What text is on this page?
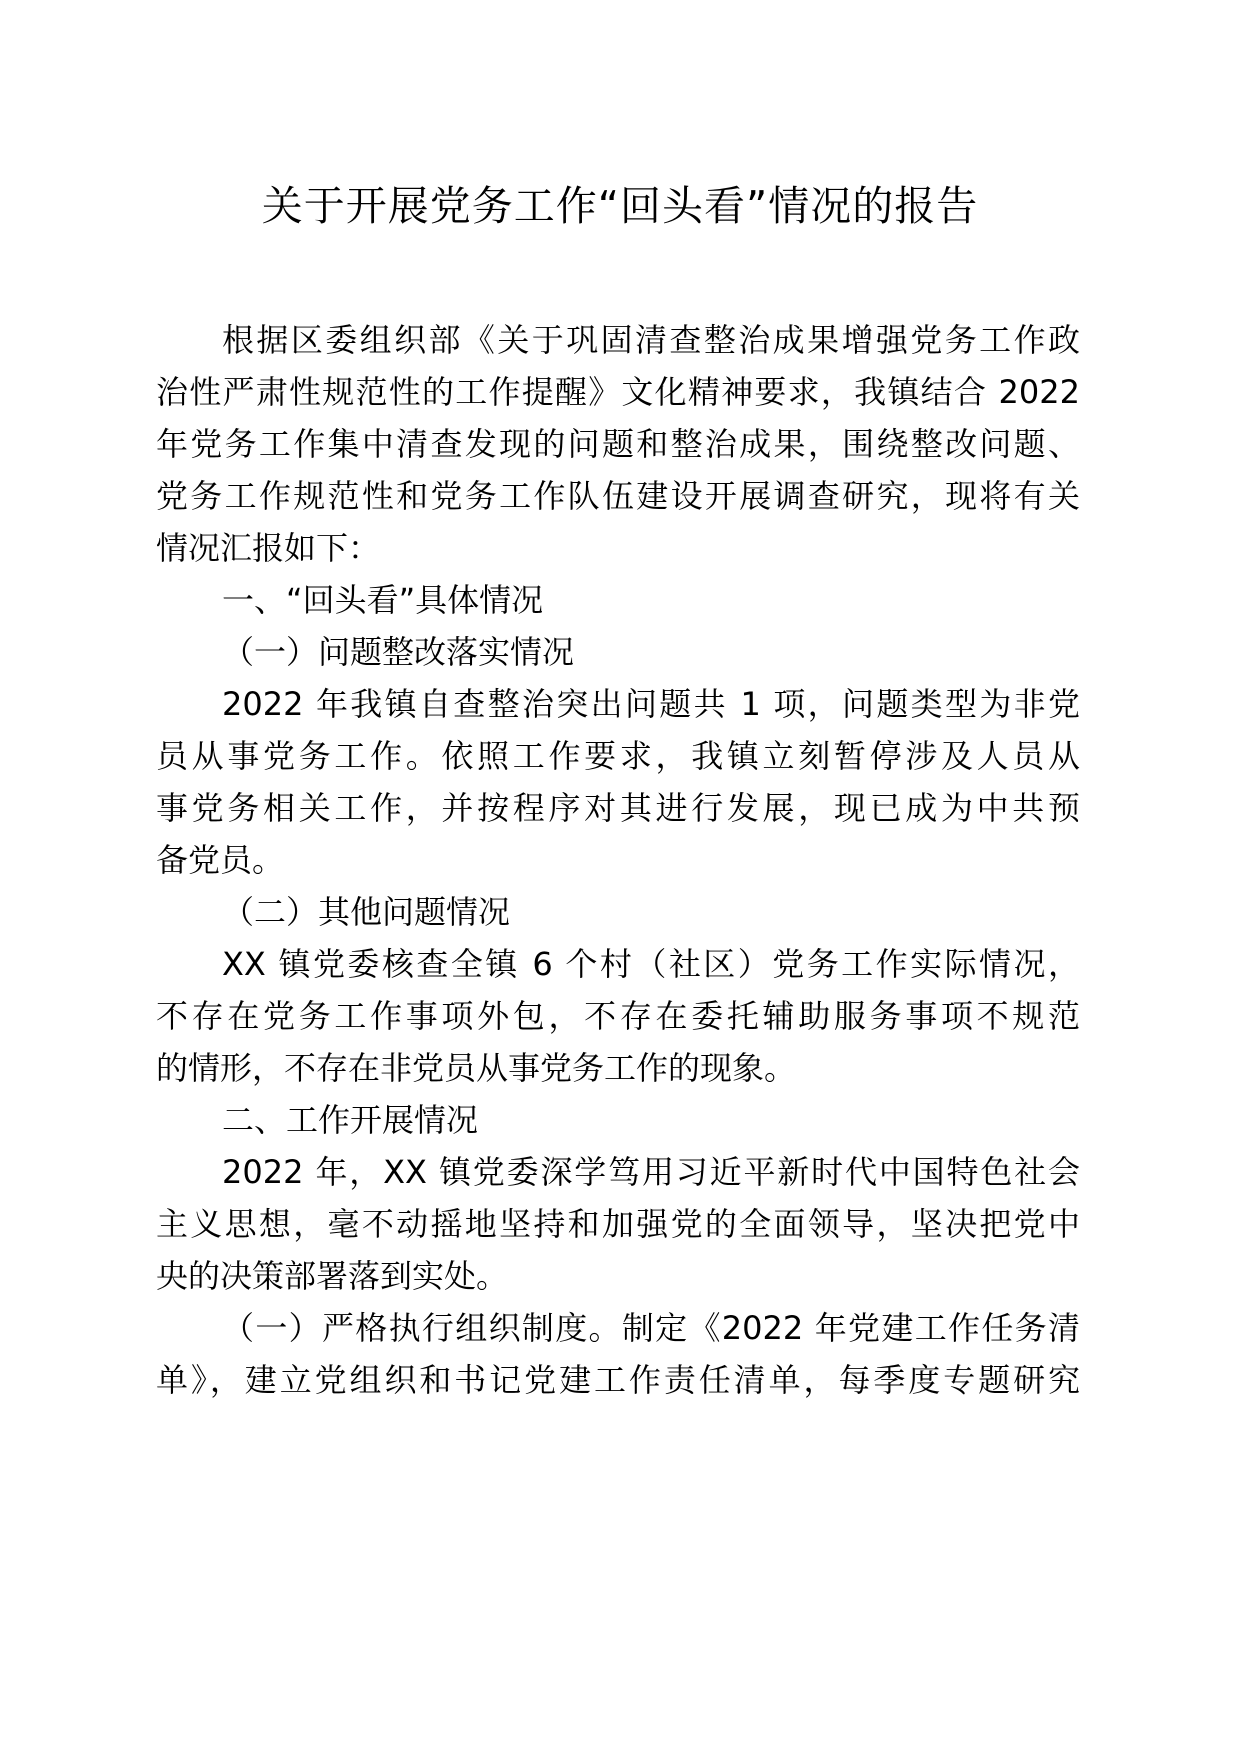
关于开展党务工作“回头看”情况的报告
根据区委组织部《关于巩固清查整治成果增强党务工作政
治性严肃性规范性的工作提醒》文化精神要求，我镇结合 2022
年党务工作集中清查发现的问题和整治成果，围绕整改问题、
党务工作规范性和党务工作队伍建设开展调查研究，现将有关
情况汇报如下：
一、“回头看”具体情况
（一）问题整改落实情况
2022 年我镇自查整治突出问题共 1 项，问题类型为非党
员从事党务工作。依照工作要求，我镇立刻暂停涉及人员从
事党务相关工作，并按程序对其进行发展，现已成为中共预
备党员。
（二）其他问题情况
XX 镇党委核查全镇 6 个村（社区）党务工作实际情况，
不存在党务工作事项外包，不存在委托辅助服务事项不规范
的情形，不存在非党员从事党务工作的现象。
二、工作开展情况
2022 年，XX 镇党委深学笃用习近平新时代中国特色社会
主义思想，毫不动摇地坚持和加强党的全面领导，坚决把党中
央的决策部署落到实处。
（一）严格执行组织制度。制定《2022 年党建工作任务清
单》，建立党组织和书记党建工作责任清单，每季度专题研究
